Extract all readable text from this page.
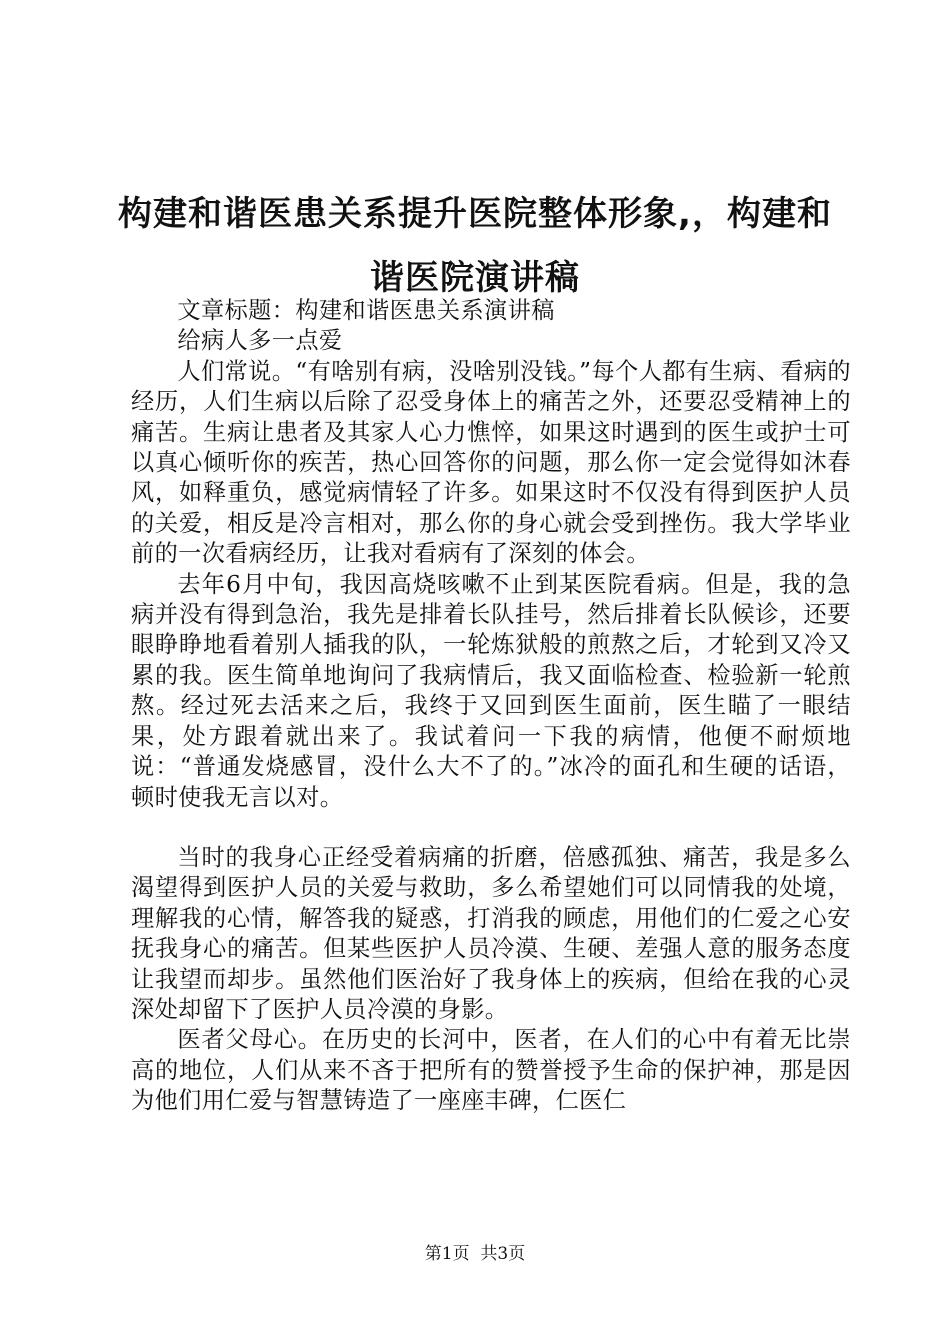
构建和谐医患关系提升医院整体形象,，构建和
谐医院演讲稿

文章标题：构建和谐医患关系演讲稿

给病人多一点爱

人们常说。“有啥别有病，没啥别没钱。”每个人都有生病、看病的经历，人们生病以后除了忍受身体上的痛苦之外，还要忍受精神上的痛苦。生病让患者及其家人心力憔悴，如果这时遇到的医生或护士可以真心倾听你的疾苦，热心回答你的问题，那么你一定会觉得如沐春风，如释重负，感觉病情轻了许多。如果这时不仅没有得到医护人员的关爱，相反是冷言相对，那么你的身心就会受到挫伤。我大学毕业前的一次看病经历，让我对看病有了深刻的体会。

去年6月中旬，我因高烧咳嗽不止到某医院看病。但是，我的急病并没有得到急治，我先是排着长队挂号，然后排着长队候诊，还要眼睁睁地看着别人插我的队，一轮炼狱般的煎熬之后，才轮到又冷又累的我。医生简单地询问了我病情后，我又面临检查、检验新一轮煎熬。经过死去活来之后，我终于又回到医生面前，医生瞄了一眼结果，处方跟着就出来了。我试着问一下我的病情，他便不耐烦地说：“普通发烧感冒，没什么大不了的。”冰冷的面孔和生硬的话语，顿时使我无言以对。

当时的我身心正经受着病痛的折磨，倍感孤独、痛苦，我是多么渴望得到医护人员的关爱与救助，多么希望她们可以同情我的处境，理解我的心情，解答我的疑惑，打消我的顾虑，用他们的仁爱之心安抚我身心的痛苦。但某些医护人员冷漠、生硬、差强人意的服务态度让我望而却步。虽然他们医治好了我身体上的疾病，但给在我的心灵深处却留下了医护人员冷漠的身影。

医者父母心。在历史的长河中，医者，在人们的心中有着无比崇高的地位，人们从来不吝于把所有的赞誉授予生命的保护神，那是因为他们用仁爱与智慧铸造了一座座丰碑，仁医仁

第1页  共3页
